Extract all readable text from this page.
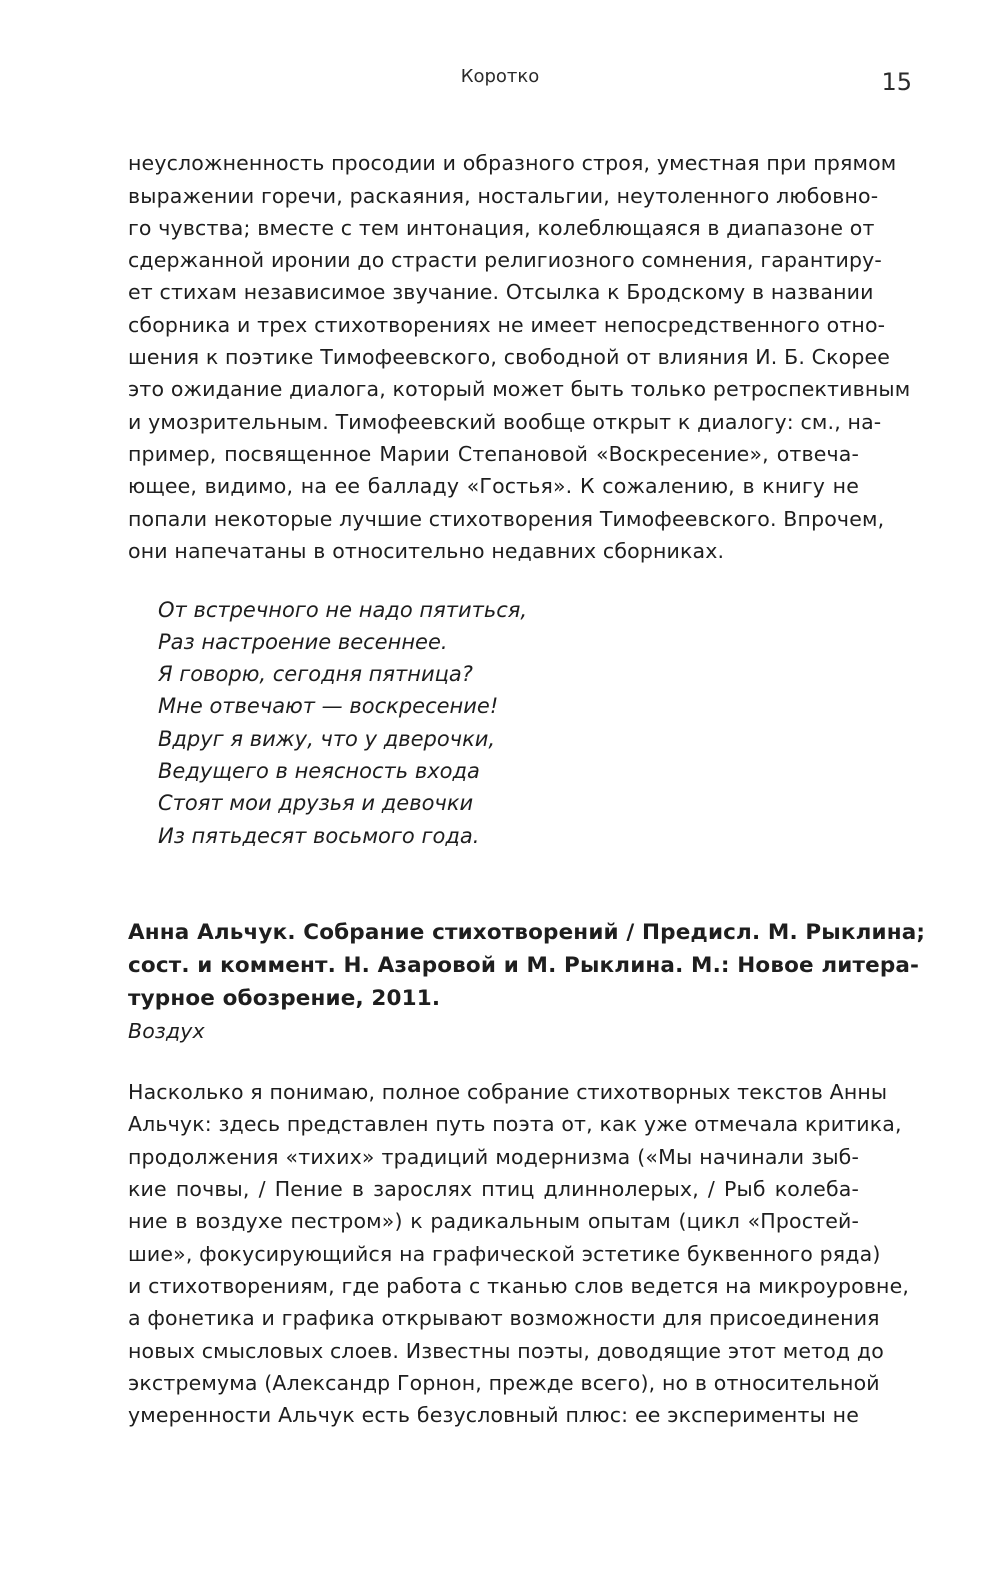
Коротко	15
неусложненность просодии и образного строя, уместная при прямом
выражении горечи, раскаяния, ностальгии, неутоленного любовно-
го чувства; вместе с тем интонация, колеблющаяся в диапазоне от
сдержанной иронии до страсти религиозного сомнения, гарантиру-
ет стихам независимое звучание. Отсылка к Бродскому в названии
сборника и трех стихотворениях не имеет непосредственного отно-
шения к поэтике Тимофеевского, свободной от влияния И. Б. Скорее
это ожидание диалога, который может быть только ретроспективным
и умозрительным. Тимофеевский вообще открыт к диалогу: см., на-
пример, посвященное Марии Степановой «Воскресение», отвеча-
ющее, видимо, на ее балладу «Гостья». К сожалению, в книгу не
попали некоторые лучшие стихотворения Тимофеевского. Впрочем,
они напечатаны в относительно недавних сборниках.
От встречного не надо пятиться,
Раз настроение весеннее.
Я говорю, сегодня пятница?
Мне отвечают — воскресение!
Вдруг я вижу, что у дверочки,
Ведущего в неясность входа
Стоят мои друзья и девочки
Из пятьдесят восьмого года.
Анна Альчук. Собрание стихотворений / Предисл. М. Рыклина;
сост. и коммент. Н. Азаровой и М. Рыклина. М.: Новое литера-
турное обозрение, 2011.
Воздух
Насколько я понимаю, полное собрание стихотворных текстов Анны
Альчук: здесь представлен путь поэта от, как уже отмечала критика,
продолжения «тихих» традиций модернизма («Мы начинали зыб-
кие почвы, / Пение в зарослях птиц длиннолерых, / Рыб колеба-
ние в воздухе пестром») к радикальным опытам (цикл «Простей-
шие», фокусирующийся на графической эстетике буквенного ряда)
и стихотворениям, где работа с тканью слов ведется на микроуровне,
а фонетика и графика открывают возможности для присоединения
новых смысловых слоев. Известны поэты, доводящие этот метод до
экстремума (Александр Горнон, прежде всего), но в относительной
умеренности Альчук есть безусловный плюс: ее эксперименты не
